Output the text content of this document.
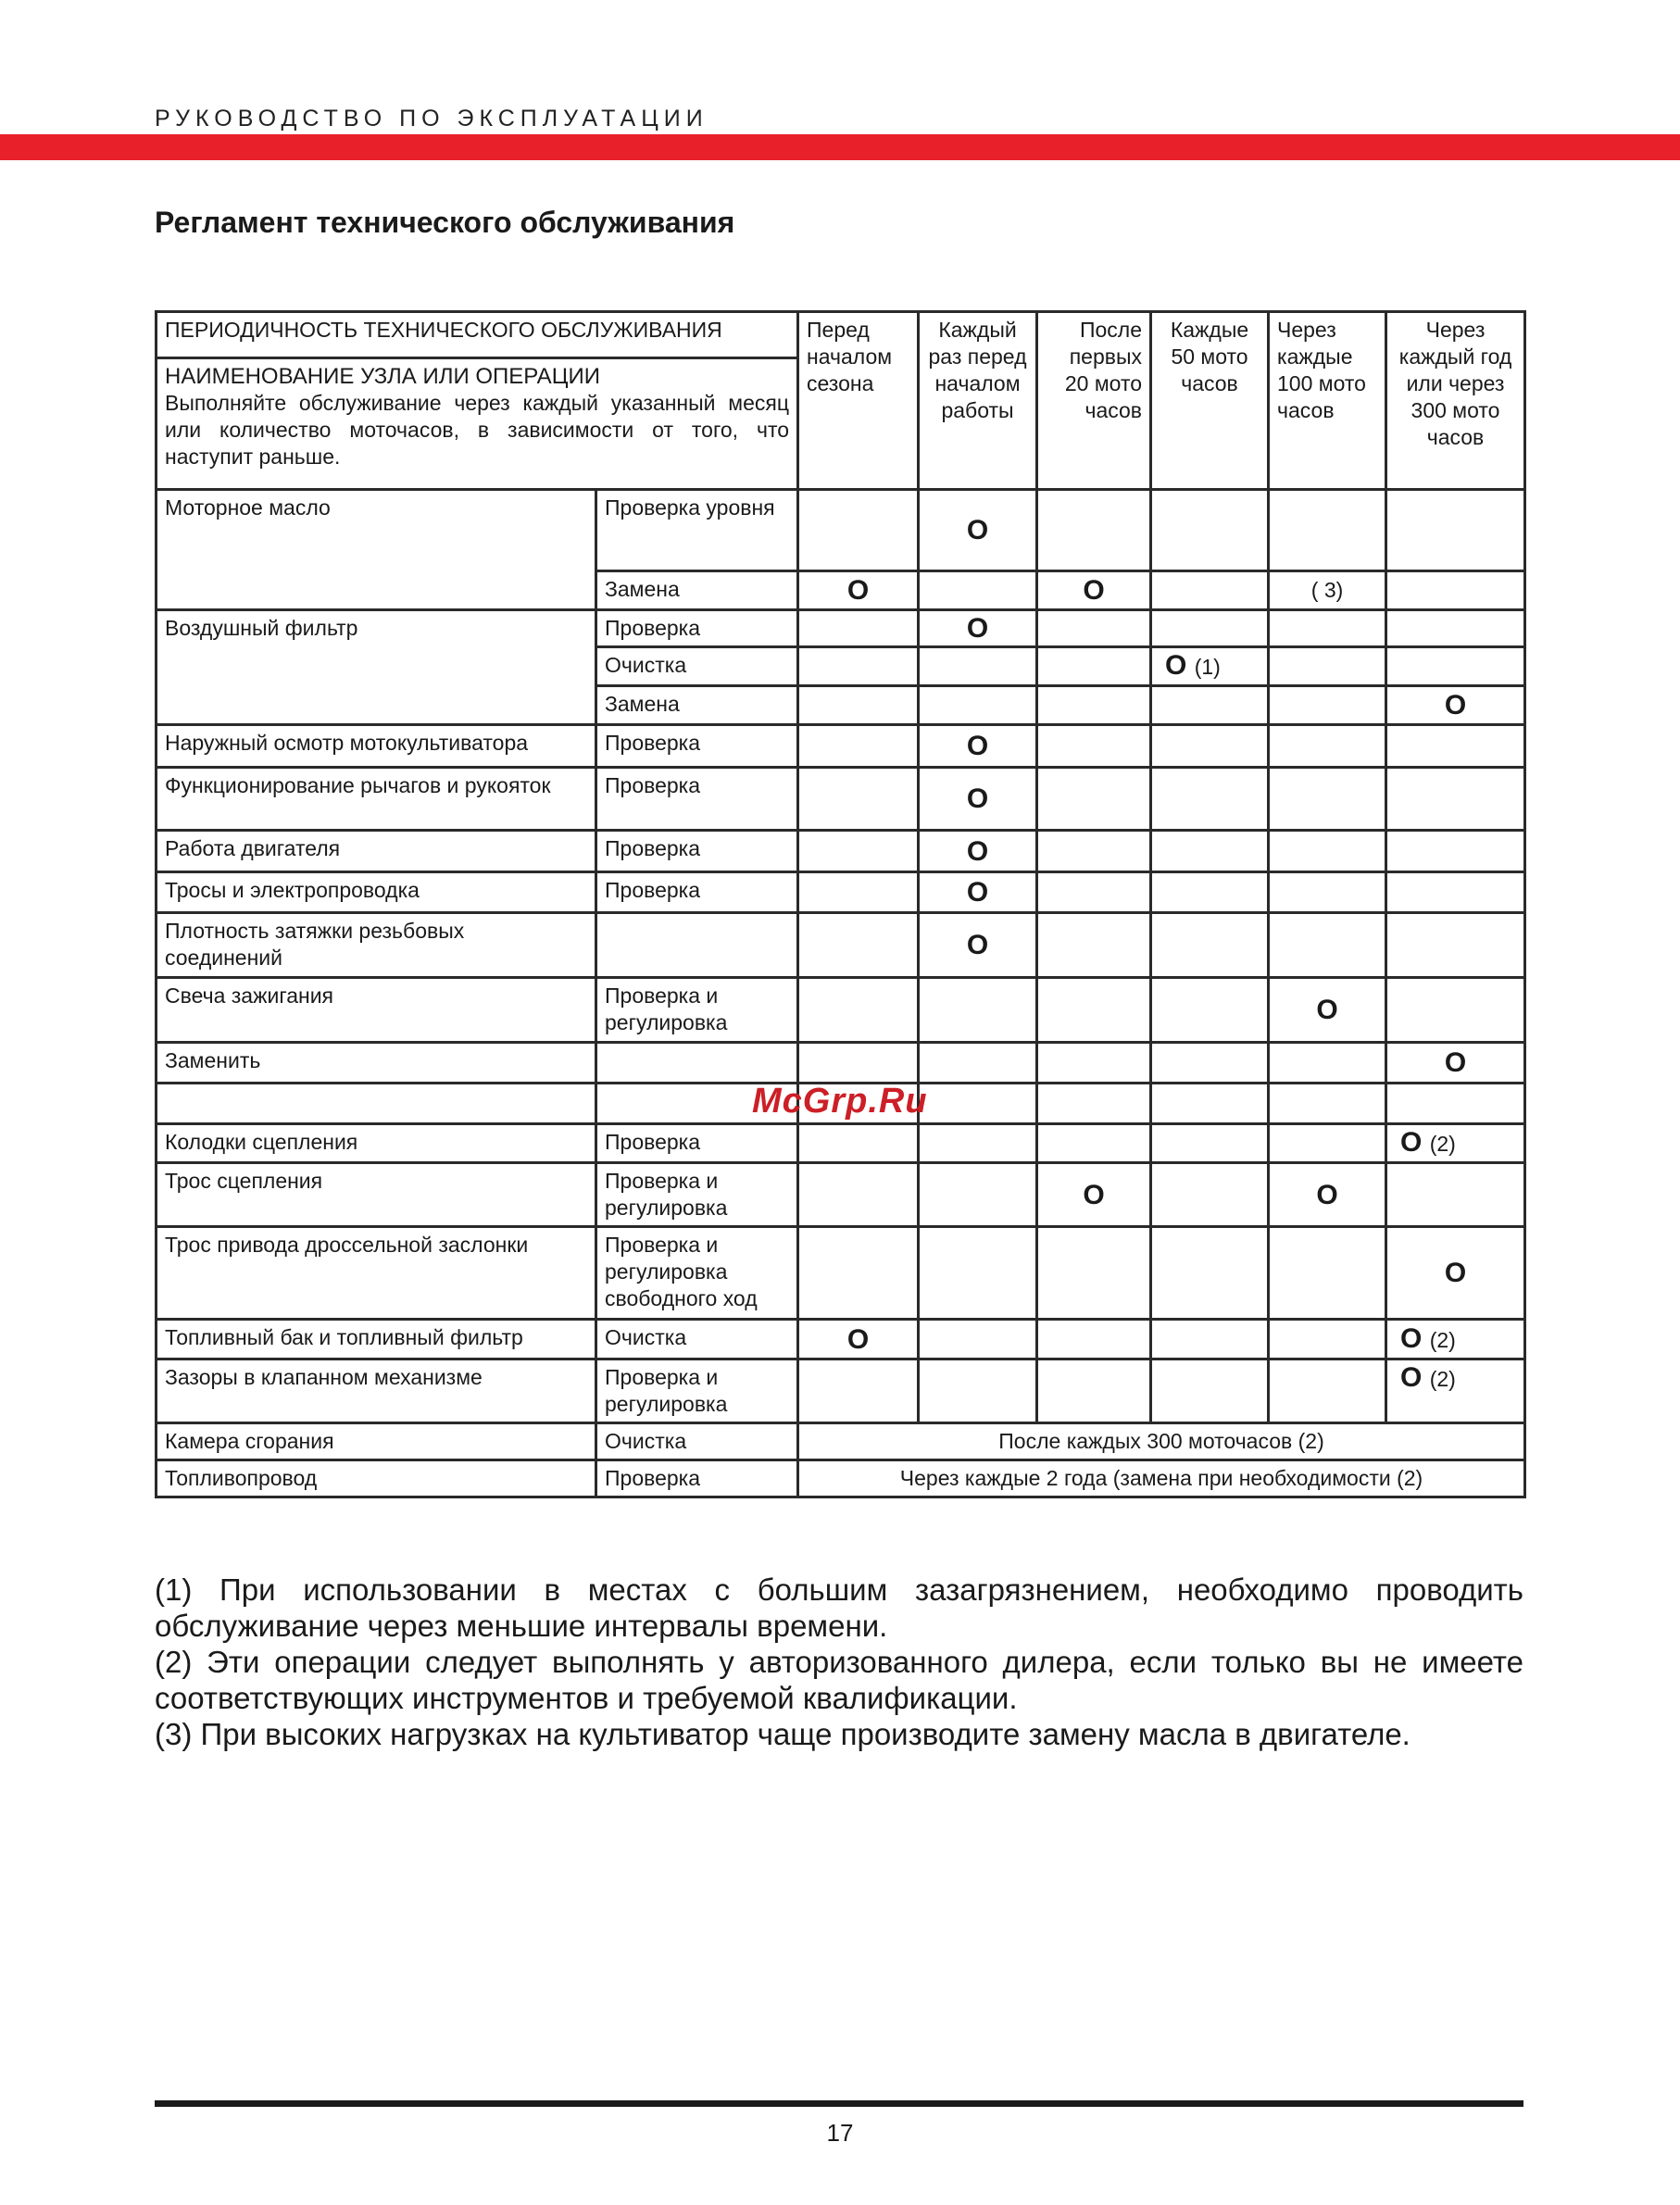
РУКОВОДСТВО ПО ЭКСПЛУАТАЦИИ
Регламент технического обслуживания
ПЕРИОДИЧНОСТЬ ТЕХНИЧЕСКОГО ОБСЛУЖИВАНИЯ		Перед началом сезона	Каждый раз перед началом работы	После первых 20 мото часов	Каждые 50 мото часов	Через каждые 100 мото часов	Через каждый год или через 300 мото часов

НАИМЕНОВАНИЕ УЗЛА ИЛИ ОПЕРАЦИИ
Выполняйте обслуживание через каждый указанный месяц или количество моточасов, в зависимости от того, что наступит раньше.							

Моторное масло	Проверка уровня		O				
	Замена	O		O		( 3)	
Воздушный фильтр	Проверка		O				
	Очистка				O (1)		
	Замена						O
Наружный осмотр мотокультиватора	Проверка		O				
Функционирование рычагов и рукояток	Проверка		O				
Работа двигателя	Проверка		O				
Тросы и электропроводка	Проверка		O				
Плотность затяжки резьбовых соединений			O				
Свеча зажигания	Проверка и регулировка					O	
Заменить							O

Колодки сцепления	Проверка						O (2)
Трос сцепления	Проверка и регулировка			O		O	
Трос привода дроссельной заслонки	Проверка и регулировка свободного ход						O
Топливный бак и топливный фильтр	Очистка	O					O (2)
Зазоры в клапанном механизме	Проверка и регулировка						O (2)
Камера сгорания	Очистка	После каждых 300 моточасов (2)					
Топливопровод	Проверка	Через каждые 2 года (замена при необходимости (2)					
McGrp.Ru

(1) При использовании в местах с большим зазагрязнением, необходимо проводить обслуживание через меньшие интервалы времени.

(2) Эти операции следует выполнять у авторизованного дилера, если только вы не имеете соответствующих инструментов и требуемой квалификации.

(3) При высоких нагрузках на культиватор чаще производите замену масла в двигателе.

17
